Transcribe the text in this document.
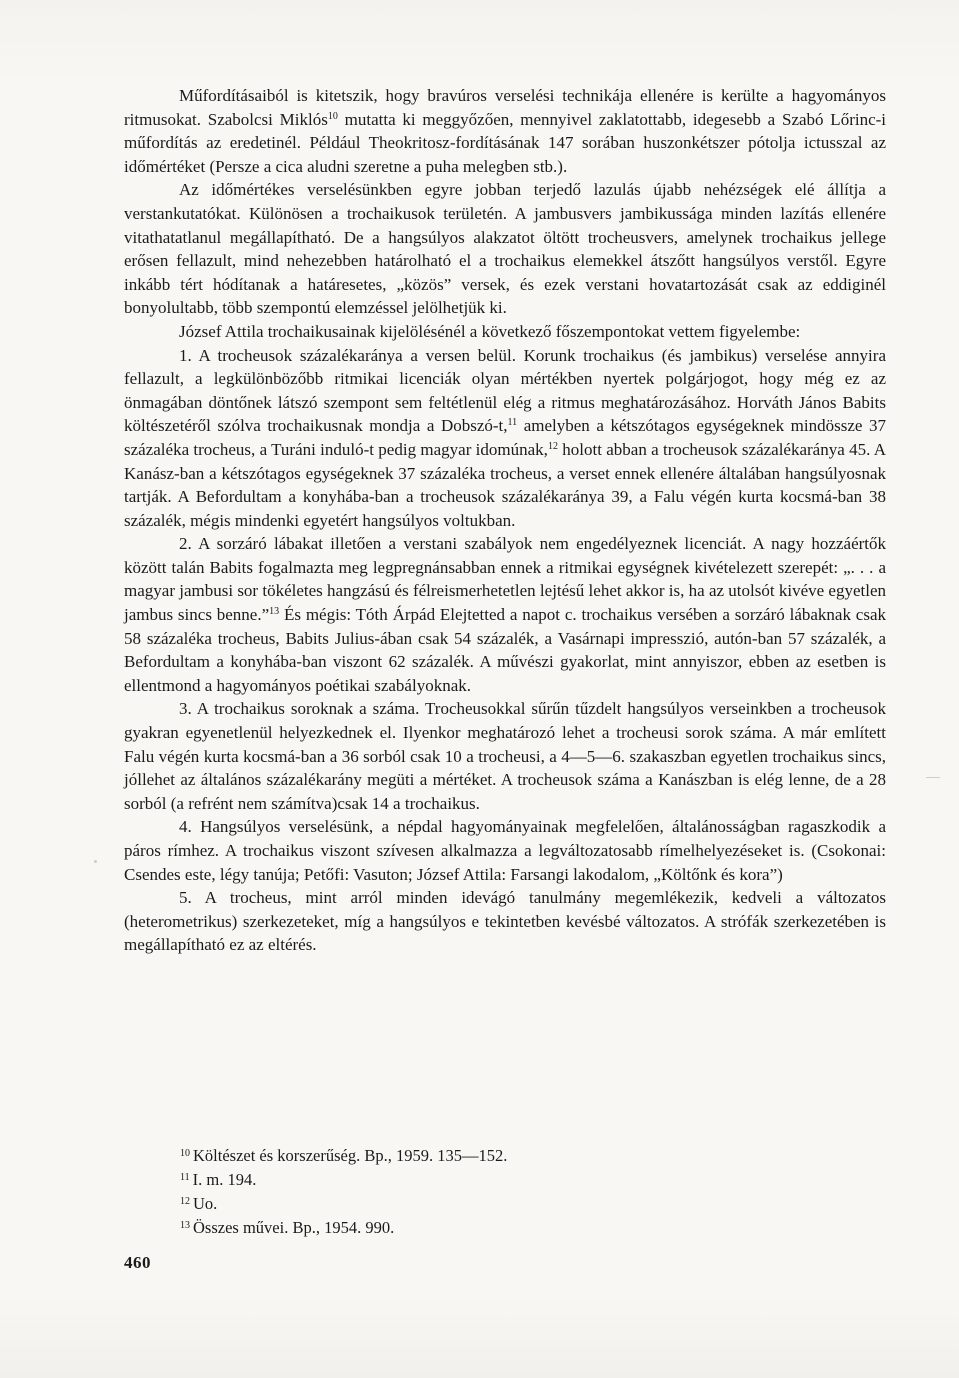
Műfordításaiból is kitetszik, hogy bravúros verselési technikája ellenére is kerülte a hagyományos ritmusokat. Szabolcsi Miklós$^{10}$ mutatta ki meggyőzően, mennyivel zaklatottabb, idegesebb a Szabó Lőrinc-i műfordítás az eredetinél. Például Theokritosz-fordításának 147 sorában huszonkétszer pótolja ictusszal az időmértéket (Persze a cica aludni szeretne a puha melegben stb.).

Az időmértékes verselésünkben egyre jobban terjedő lazulás újabb nehézségek elé állítja a verstankutatókat. Különösen a trochaikusok területén. A jambusvers jambikussága minden lazítás ellenére vitathatatlanul megállapítható. De a hangsúlyos alakzatot öltött trocheusvers, amelynek trochaikus jellege erősen fellazult, mind nehezebben határolható el a trochaikus elemekkel átszőtt hangsúlyos verstől. Egyre inkább tért hódítanak a határesetes, „közös” versek, és ezek verstani hovatartozását csak az eddiginél bonyolultabb, több szempontú elemzéssel jelölhetjük ki.

József Attila trochaikusainak kijelölésénél a következő főszempontokat vettem figyelembe:

1. A trocheusok százalékaránya a versen belül. Korunk trochaikus (és jambikus) verselése annyira fellazult, a legkülönbözőbb ritmikai licenciák olyan mértékben nyertek polgárjogot, hogy még ez az önmagában döntőnek látszó szempont sem feltétlenül elég a ritmus meghatározásához. Horváth János Babits költészetéről szólva trochaikusnak mondja a Dobszó-t,$^{11}$ amelyben a kétszótagos egységeknek mindössze 37 százaléka trocheus, a Turáni induló-t pedig magyar idomúnak,$^{12}$ holott abban a trocheusok százalékaránya 45. A Kanász-ban a kétszótagos egységeknek 37 százaléka trocheus, a verset ennek ellenére általában hangsúlyosnak tartják. A Befordultam a konyhába-ban a trocheusok százalékaránya 39, a Falu végén kurta kocsmá-ban 38 százalék, mégis mindenki egyetért hangsúlyos voltukban.

2. A sorzáró lábakat illetően a verstani szabályok nem engedélyeznek licenciát. A nagy hozzáértők között talán Babits fogalmazta meg legpregnánsabban ennek a ritmikai egységnek kivételezett szerepét: „. . . a magyar jambusi sor tökéletes hangzású és félreismerhetetlen lejtésű lehet akkor is, ha az utolsót kivéve egyetlen jambus sincs benne.”$^{13}$ És mégis: Tóth Árpád Elejtetted a napot c. trochaikus versében a sorzáró lábaknak csak 58 százaléka trocheus, Babits Julius-ában csak 54 százalék, a Vasárnapi impresszió, autón-ban 57 százalék, a Befordultam a konyhába-ban viszont 62 százalék. A művészi gyakorlat, mint annyiszor, ebben az esetben is ellentmond a hagyományos poétikai szabályoknak.

3. A trochaikus soroknak a száma. Trocheusokkal sűrűn tűzdelt hangsúlyos verseinkben a trocheusok gyakran egyenetlenül helyezkednek el. Ilyenkor meghatározó lehet a trocheusi sorok száma. A már említett Falu végén kurta kocsmá-ban a 36 sorból csak 10 a trocheusi, a 4—5—6. szakaszban egyetlen trochaikus sincs, jóllehet az általános százalékarány megüti a mértéket. A trocheusok száma a Kanászban is elég lenne, de a 28 sorból (a refrént nem számítva)csak 14 a trochaikus.

4. Hangsúlyos verselésünk, a népdal hagyományainak megfelelően, általánosságban ragaszkodik a páros rímhez. A trochaikus viszont szívesen alkalmazza a legváltozatosabb rímelhelyezéseket is. (Csokonai: Csendes este, légy tanúja; Petőfi: Vasuton; József Attila: Farsangi lakodalom, „Költőnk és kora”)

5. A trocheus, mint arról minden idevágó tanulmány megemlékezik, kedveli a változatos (heterometrikus) szerkezeteket, míg a hangsúlyos e tekintetben kevésbé változatos. A strófák szerkezetében is megállapítható ez az eltérés.

$^{10}$ Költészet és korszerűség. Bp., 1959. 135—152.
$^{11}$ I. m. 194.
$^{12}$ Uo.
$^{13}$ Összes művei. Bp., 1954. 990.
460
